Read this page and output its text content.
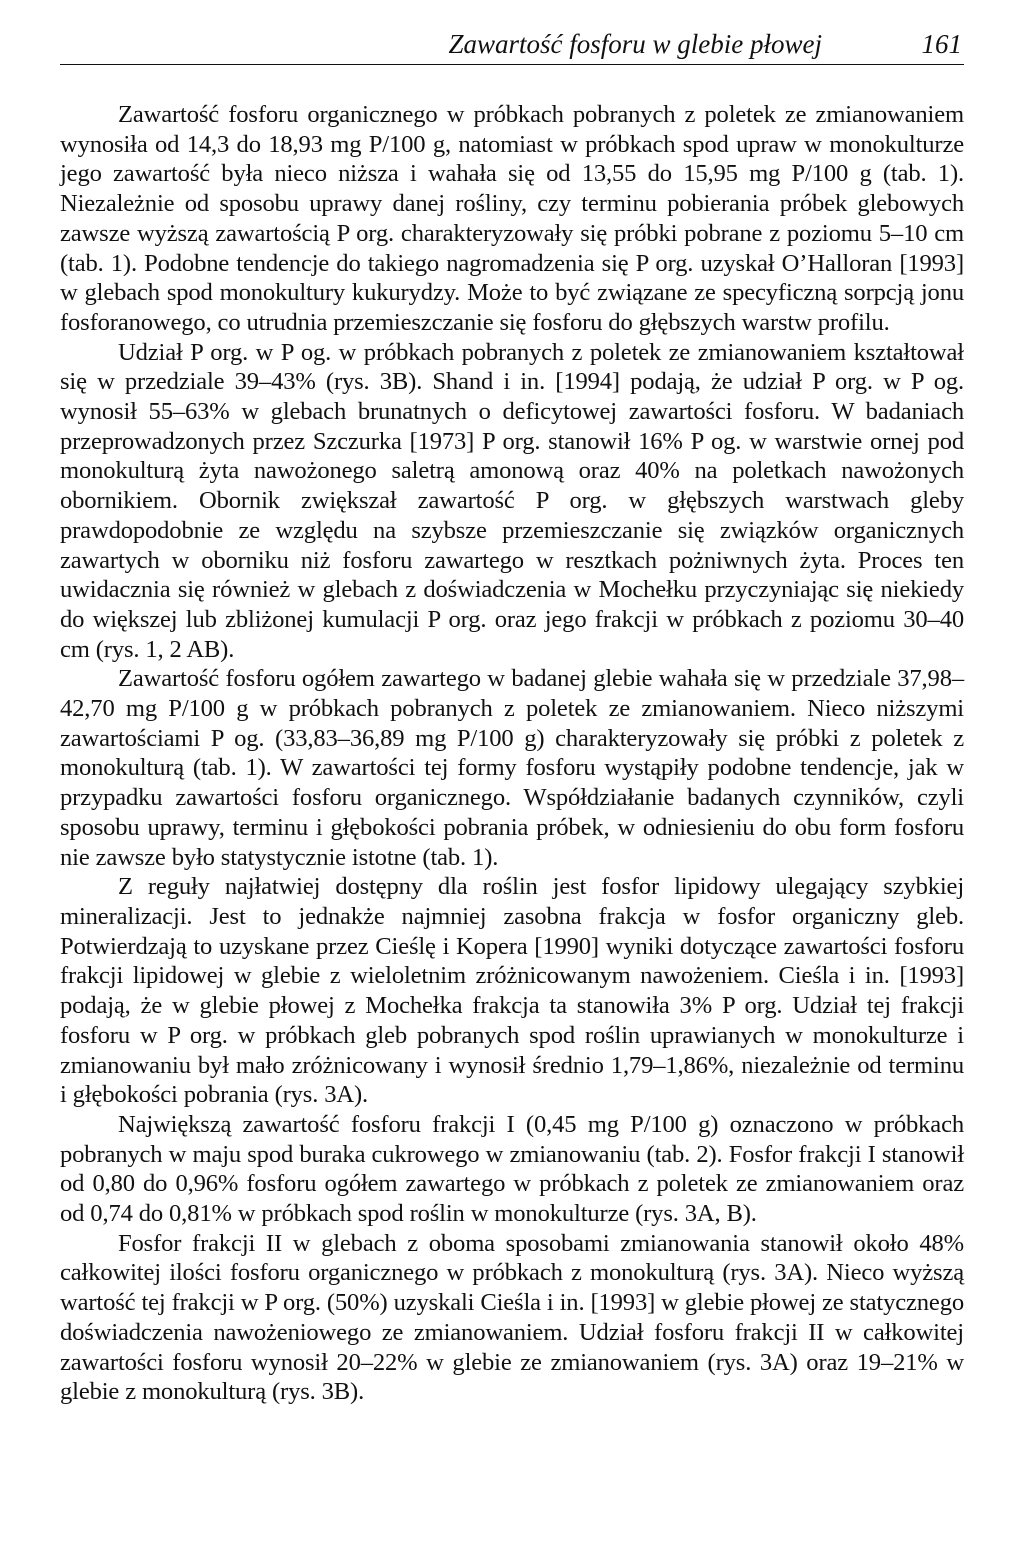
Zawartość fosforu w glebie płowej	161

Zawartość fosforu organicznego w próbkach pobranych z poletek ze zmianowaniem wynosiła od 14,3 do 18,93 mg P/100 g, natomiast w próbkach spod upraw w monokulturze jego zawartość była nieco niższa i wahała się od 13,55 do 15,95 mg P/100 g (tab. 1). Niezależnie od sposobu uprawy danej rośliny, czy terminu pobierania próbek glebowych zawsze wyższą zawartością P org. charakteryzowały się próbki pobrane z poziomu 5–10 cm (tab. 1). Podobne tendencje do takiego nagromadzenia się P org. uzyskał O’Halloran [1993] w glebach spod monokultury kukurydzy. Może to być związane ze specyficzną sorpcją jonu fosforanowego, co utrudnia przemieszczanie się fosforu do głębszych warstw profilu.

Udział P org. w P og. w próbkach pobranych z poletek ze zmianowaniem kształtował się w przedziale 39–43% (rys. 3B). Shand i in. [1994] podają, że udział P org. w P og. wynosił 55–63% w glebach brunatnych o deficytowej zawartości fosforu. W badaniach przeprowadzonych przez Szczurka [1973] P org. stanowił 16% P og. w warstwie ornej pod monokulturą żyta nawożonego saletrą amonową oraz 40% na poletkach nawożonych obornikiem. Obornik zwiększał zawartość P org. w głębszych warstwach gleby prawdopodobnie ze względu na szybsze przemieszczanie się związków organicznych zawartych w oborniku niż fosforu zawartego w resztkach pożniwnych żyta. Proces ten uwidacznia się również w glebach z doświadczenia w Mochełku przyczyniając się niekiedy do większej lub zbliżonej kumulacji P org. oraz jego frakcji w próbkach z poziomu 30–40 cm (rys. 1, 2 AB).

Zawartość fosforu ogółem zawartego w badanej glebie wahała się w przedziale 37,98–42,70 mg P/100 g w próbkach pobranych z poletek ze zmianowaniem. Nieco niższymi zawartościami P og. (33,83–36,89 mg P/100 g) charakteryzowały się próbki z poletek z monokulturą (tab. 1). W zawartości tej formy fosforu wystąpiły podobne tendencje, jak w przypadku zawartości fosforu organicznego. Współdziałanie badanych czynników, czyli sposobu uprawy, terminu i głębokości pobrania próbek, w odniesieniu do obu form fosforu nie zawsze było statystycznie istotne (tab. 1).

Z reguły najłatwiej dostępny dla roślin jest fosfor lipidowy ulegający szybkiej mineralizacji. Jest to jednakże najmniej zasobna frakcja w fosfor organiczny gleb. Potwierdzają to uzyskane przez Cieślę i Kopera [1990] wyniki dotyczące zawartości fosforu frakcji lipidowej w glebie z wieloletnim zróżnicowanym nawożeniem. Cieśla i in. [1993] podają, że w glebie płowej z Mochełka frakcja ta stanowiła 3% P org. Udział tej frakcji fosforu w P org. w próbkach gleb pobranych spod roślin uprawianych w monokulturze i zmianowaniu był mało zróżnicowany i wynosił średnio 1,79–1,86%, niezależnie od terminu i głębokości pobrania (rys. 3A).

Największą zawartość fosforu frakcji I (0,45 mg P/100 g) oznaczono w próbkach pobranych w maju spod buraka cukrowego w zmianowaniu (tab. 2). Fosfor frakcji I stanowił od 0,80 do 0,96% fosforu ogółem zawartego w próbkach z poletek ze zmianowaniem oraz od 0,74 do 0,81% w próbkach spod roślin w monokulturze (rys. 3A, B).

Fosfor frakcji II w glebach z oboma sposobami zmianowania stanowił około 48% całkowitej ilości fosforu organicznego w próbkach z monokulturą (rys. 3A). Nieco wyższą wartość tej frakcji w P org. (50%) uzyskali Cieśla i in. [1993] w glebie płowej ze statycznego doświadczenia nawożeniowego ze zmianowaniem. Udział fosforu frakcji II w całkowitej zawartości fosforu wynosił 20–22% w glebie ze zmianowaniem (rys. 3A) oraz 19–21% w glebie z monokulturą (rys. 3B).
